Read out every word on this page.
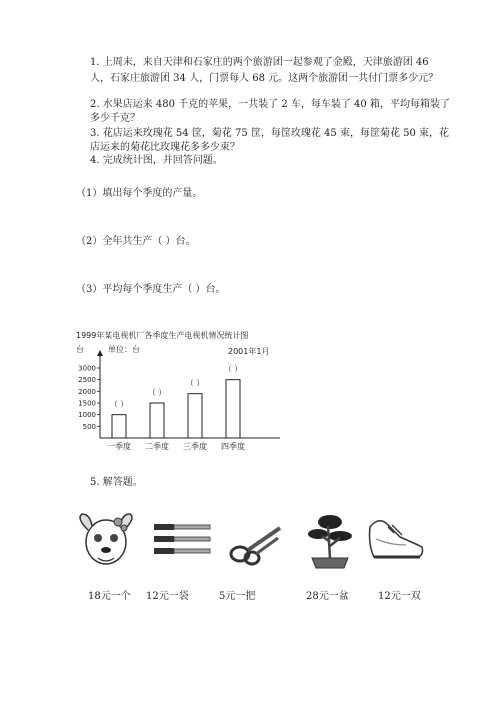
1. 上周末，来自天津和石家庄的两个旅游团一起参观了金殿，天津旅游团 46

人，石家庄旅游团 34 人，门票每人 68 元。这两个旅游团一共付门票多少元？

2. 水果店运来 480 千克的苹果，一共装了 2 车，每车装了 40 箱，平均每箱装了

多少千克？

3. 花店运来玫瑰花 54 筐，菊花 75 筐，每筐玫瑰花 45 束，每筐菊花 50 束，花

店运来的菊花比玫瑰花多多少束？

4. 完成统计图，并回答问题。

（1）填出每个季度的产量。

（2）全年共生产（ ）台。

（3）平均每个季度生产（ ）台。

1999年某电视机厂各季度生产电视机情况统计图
台	单位：台	2001年1月
500
1000
1500
2000
2500
3000
（ ）
一季度
（ ）
二季度
（ ）
三季度
（ ）
四季度

5. 解答题。

18元一个 12元一袋	5元一把	28元一盆	12元一双
